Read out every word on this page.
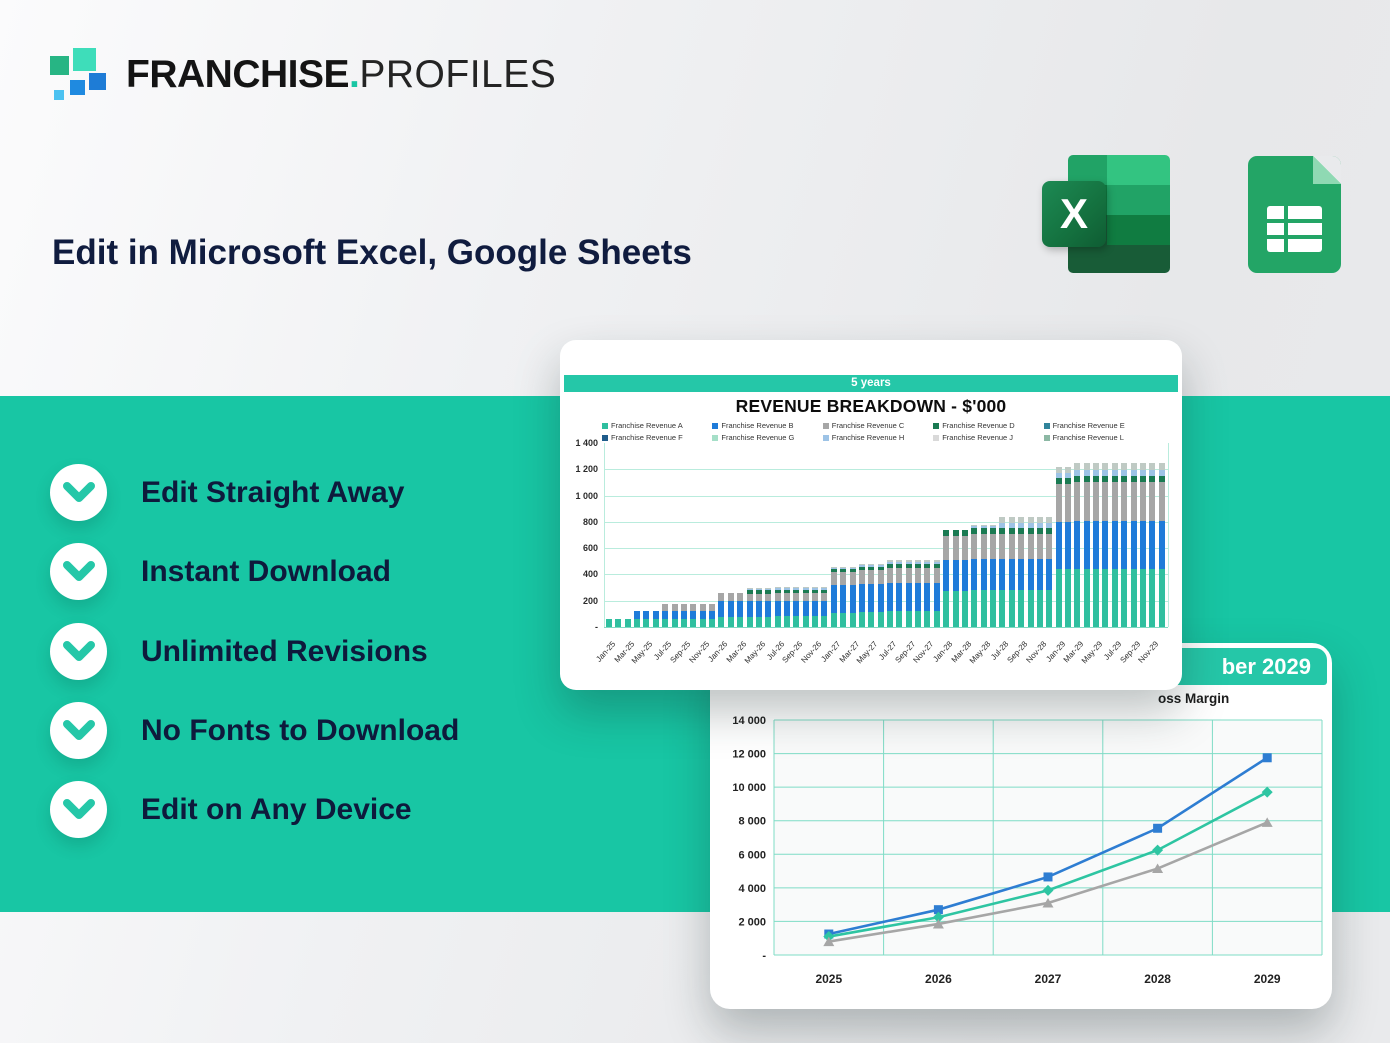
FRANCHISE.PROFILES
Edit in Microsoft Excel, Google Sheets
X
Edit Straight Away
Instant Download
Unlimited Revisions
No Fonts to Download
Edit on Any Device
ber 2029
oss Margin
14 000
12 000
10 000
8 000
6 000
4 000
2 000
-
2025	2026	2027	2028	2029
5 years
REVENUE BREAKDOWN - $'000
Franchise Revenue A	Franchise Revenue B	Franchise Revenue C	Franchise Revenue D	Franchise Revenue E
Franchise Revenue F	Franchise Revenue G	Franchise Revenue H	Franchise Revenue J	Franchise Revenue L
1 400
1 200
1 000
800
600
400
200
-
Jan-25
Mar-25
May-25
Jul-25
Sep-25
Nov-25
Jan-26
Mar-26
May-26
Jul-26
Sep-26
Nov-26
Jan-27
Mar-27
May-27
Jul-27
Sep-27
Nov-27
Jan-28
Mar-28
May-28
Jul-28
Sep-28
Nov-28
Jan-29
Mar-29
May-29
Jul-29
Sep-29
Nov-29
